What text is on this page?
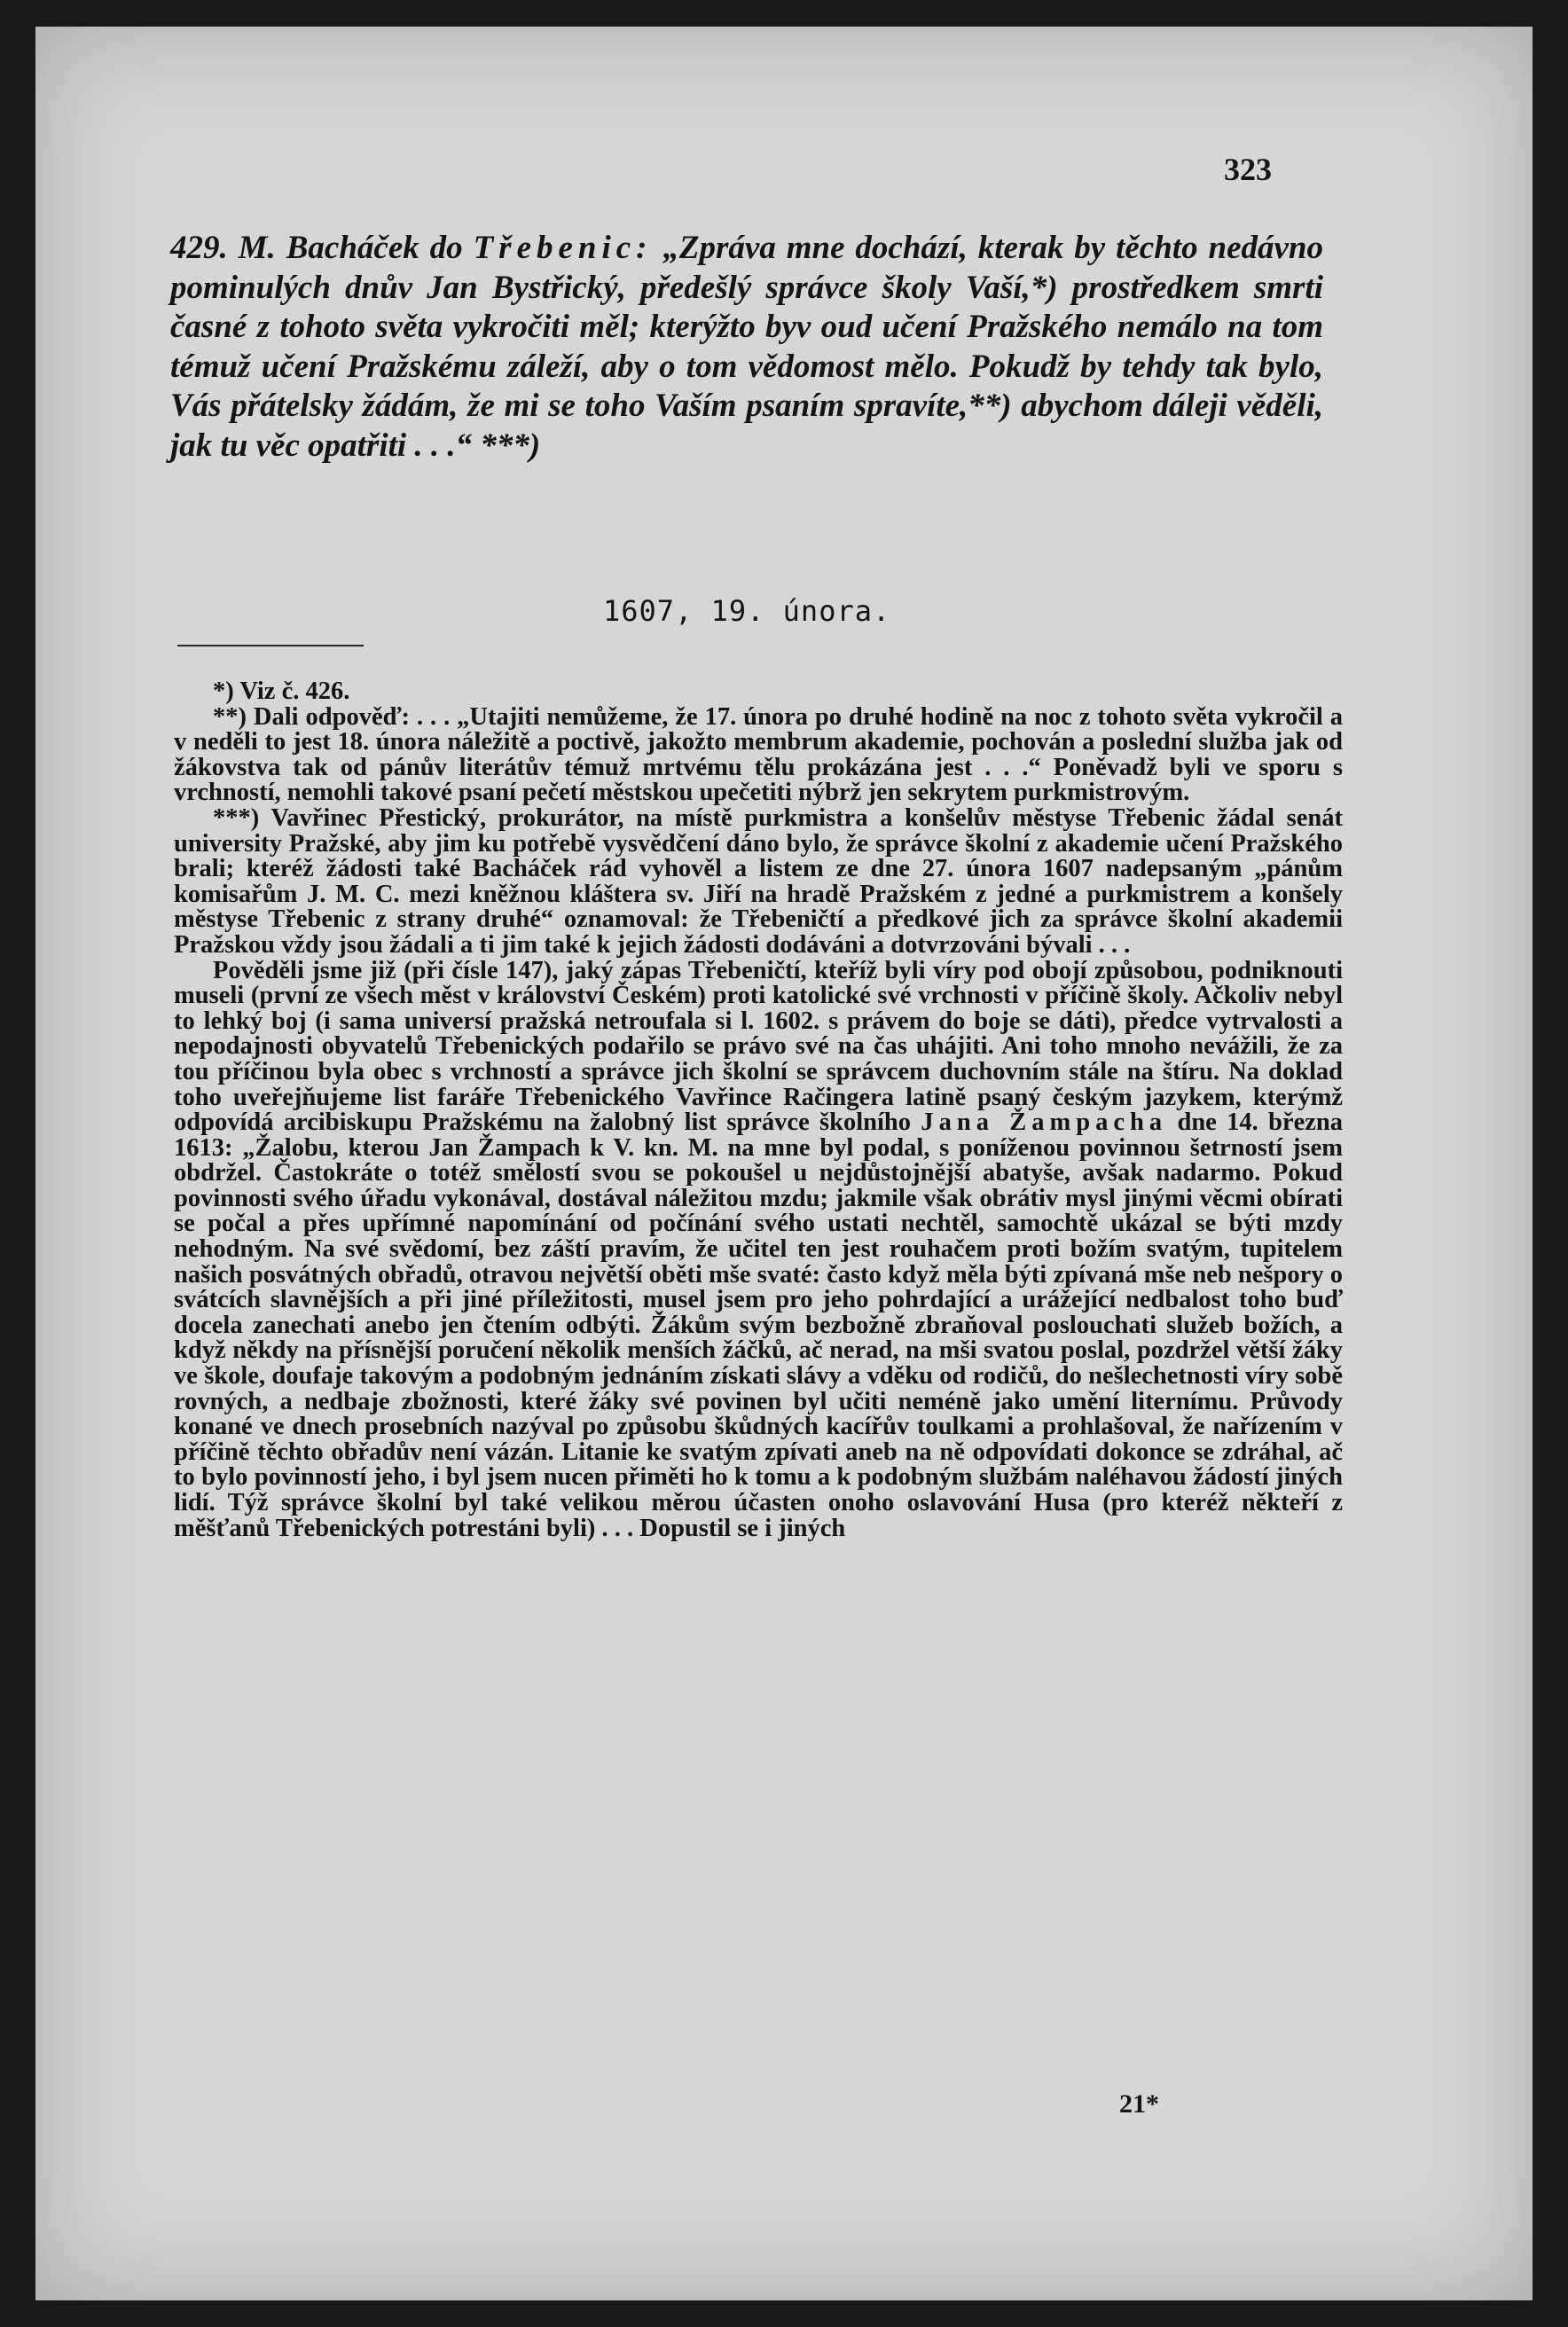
323
429. M. Bacháček do Třebenic: „Zpráva mne dochází, kterak by těchto nedávno pominulých dnův Jan Bystřický, předešlý správce školy Vaší,*) prostředkem smrti časné z tohoto světa vykročiti měl; kterýžto byv oud učení Pražského nemálo na tom témuž učení Pražskému záleží, aby o tom vědomost mělo. Pokudž by tehdy tak bylo, Vás přátelsky žádám, že mi se toho Vaším psaním spravíte,**) abychom dáleji věděli, jak tu věc opatřiti . . .“ ***)
1607, 19. února.

*) Viz č. 426.

**) Dali odpověď: . . . „Utajiti nemůžeme, že 17. února po druhé hodině na noc z tohoto světa vykročil a v neděli to jest 18. února náležitě a poctivě, jakožto membrum akademie, pochován a poslední služba jak od žákovstva tak od pánův literátův témuž mrtvému tělu prokázána jest . . .“ Poněvadž byli ve sporu s vrchností, nemohli takové psaní pečetí městskou upečetiti nýbrž jen sekrytem purkmistrovým.

***) Vavřinec Přestický, prokurátor, na místě purkmistra a konšelův městyse Třebenic žádal senát university Pražské, aby jim ku potřebě vysvědčení dáno bylo, že správce školní z akademie učení Pražského brali; kteréž žádosti také Bacháček rád vyhověl a listem ze dne 27. února 1607 nadepsaným „pánům komisařům J. M. C. mezi kněžnou kláštera sv. Jiří na hradě Pražském z jedné a purkmistrem a konšely městyse Třebenic z strany druhé“ oznamoval: že Třebeničtí a předkové jich za správce školní akademii Pražskou vždy jsou žádali a ti jim také k jejich žádosti dodáváni a dotvrzováni bývali . . .

Pověděli jsme již (při čísle 147), jaký zápas Třebeničtí, kteříž byli víry pod obojí způsobou, podniknouti museli (první ze všech měst v království Českém) proti katolické své vrchnosti v příčině školy. Ačkoliv nebyl to lehký boj (i sama universí pražská netroufala si l. 1602. s právem do boje se dáti), předce vytrvalosti a nepodajnosti obyvatelů Třebenických podařilo se právo své na čas uhájiti. Ani toho mnoho nevážili, že za tou příčinou byla obec s vrchností a správce jich školní se správcem duchovním stále na štíru. Na doklad toho uveřejňujeme list faráře Třebenického Vavřince Račingera latině psaný českým jazykem, kterýmž odpovídá arcibiskupu Pražskému na žalobný list správce školního Jana Žampacha dne 14. března 1613: „Žalobu, kterou Jan Žampach k V. kn. M. na mne byl podal, s poníženou povinnou šetrností jsem obdržel. Častokráte o totéž smělostí svou se pokoušel u nejdůstojnější abatyše, avšak nadarmo. Pokud povinnosti svého úřadu vykonával, dostával náležitou mzdu; jakmile však obrátiv mysl jinými věcmi obírati se počal a přes upřímné napomínání od počínání svého ustati nechtěl, samochtě ukázal se býti mzdy nehodným. Na své svědomí, bez záští pravím, že učitel ten jest rouhačem proti božím svatým, tupitelem našich posvátných obřadů, otravou největší oběti mše svaté: často když měla býti zpívaná mše neb nešpory o svátcích slavnějších a při jiné příležitosti, musel jsem pro jeho pohrdající a urážející nedbalost toho buď docela zanechati anebo jen čtením odbýti. Žákům svým bezbožně zbraňoval poslouchati služeb božích, a když někdy na přísnější poručení několik menších žáčků, ač nerad, na mši svatou poslal, pozdržel větší žáky ve škole, doufaje takovým a podobným jednáním získati slávy a vděku od rodičů, do nešlechetnosti víry sobě rovných, a nedbaje zbožnosti, které žáky své povinen byl učiti neméně jako umění liternímu. Průvody konané ve dnech prosebních nazýval po způsobu škůdných kacířův toulkami a prohlašoval, že nařízením v příčině těchto obřadův není vázán. Litanie ke svatým zpívati aneb na ně odpovídati dokonce se zdráhal, ač to bylo povinností jeho, i byl jsem nucen přiměti ho k tomu a k podobným službám naléhavou žádostí jiných lidí. Týž správce školní byl také velikou měrou účasten onoho oslavování Husa (pro kteréž někteří z měšťanů Třebenických potrestáni byli) . . . Dopustil se i jiných

21*
